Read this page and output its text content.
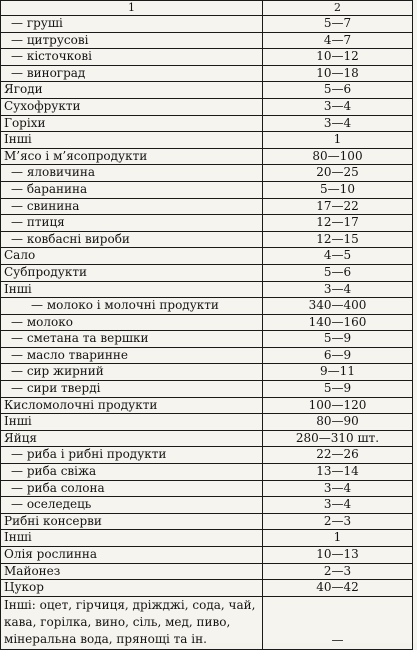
1	2
— груші	5—7
— цитрусові	4—7
— кісточкові	10—12
— виноград	10—18
Ягоди	5—6
Сухофрукти	3—4
Горіхи	3—4
Інші	1
М’ясо і м’ясопродукти	80—100
— яловичина	20—25
— баранина	5—10
— свинина	17—22
— птиця	12—17
— ковбасні вироби	12—15
Сало	4—5
Субпродукти	5—6
Інші	3—4
— молоко і молочні продукти	340—400
— молоко	140—160
— сметана та вершки	5—9
— масло тваринне	6—9
— сир жирний	9—11
— сири тверді	5—9
Кисломолочні продукти	100—120
Інші	80—90
Яйця	280—310 шт.
— риба і рибні продукти	22—26
— риба свіжа	13—14
— риба солона	3—4
— оселедець	3—4
Рибні консерви	2—3
Інші	1
Олія рослинна	10—13
Майонез	2—3
Цукор	40—42
Інші: оцет, гірчиця, дріжджі, сода, чай, кава, горілка, вино, сіль, мед, пиво, мінеральна вода, прянощі та ін.	—
